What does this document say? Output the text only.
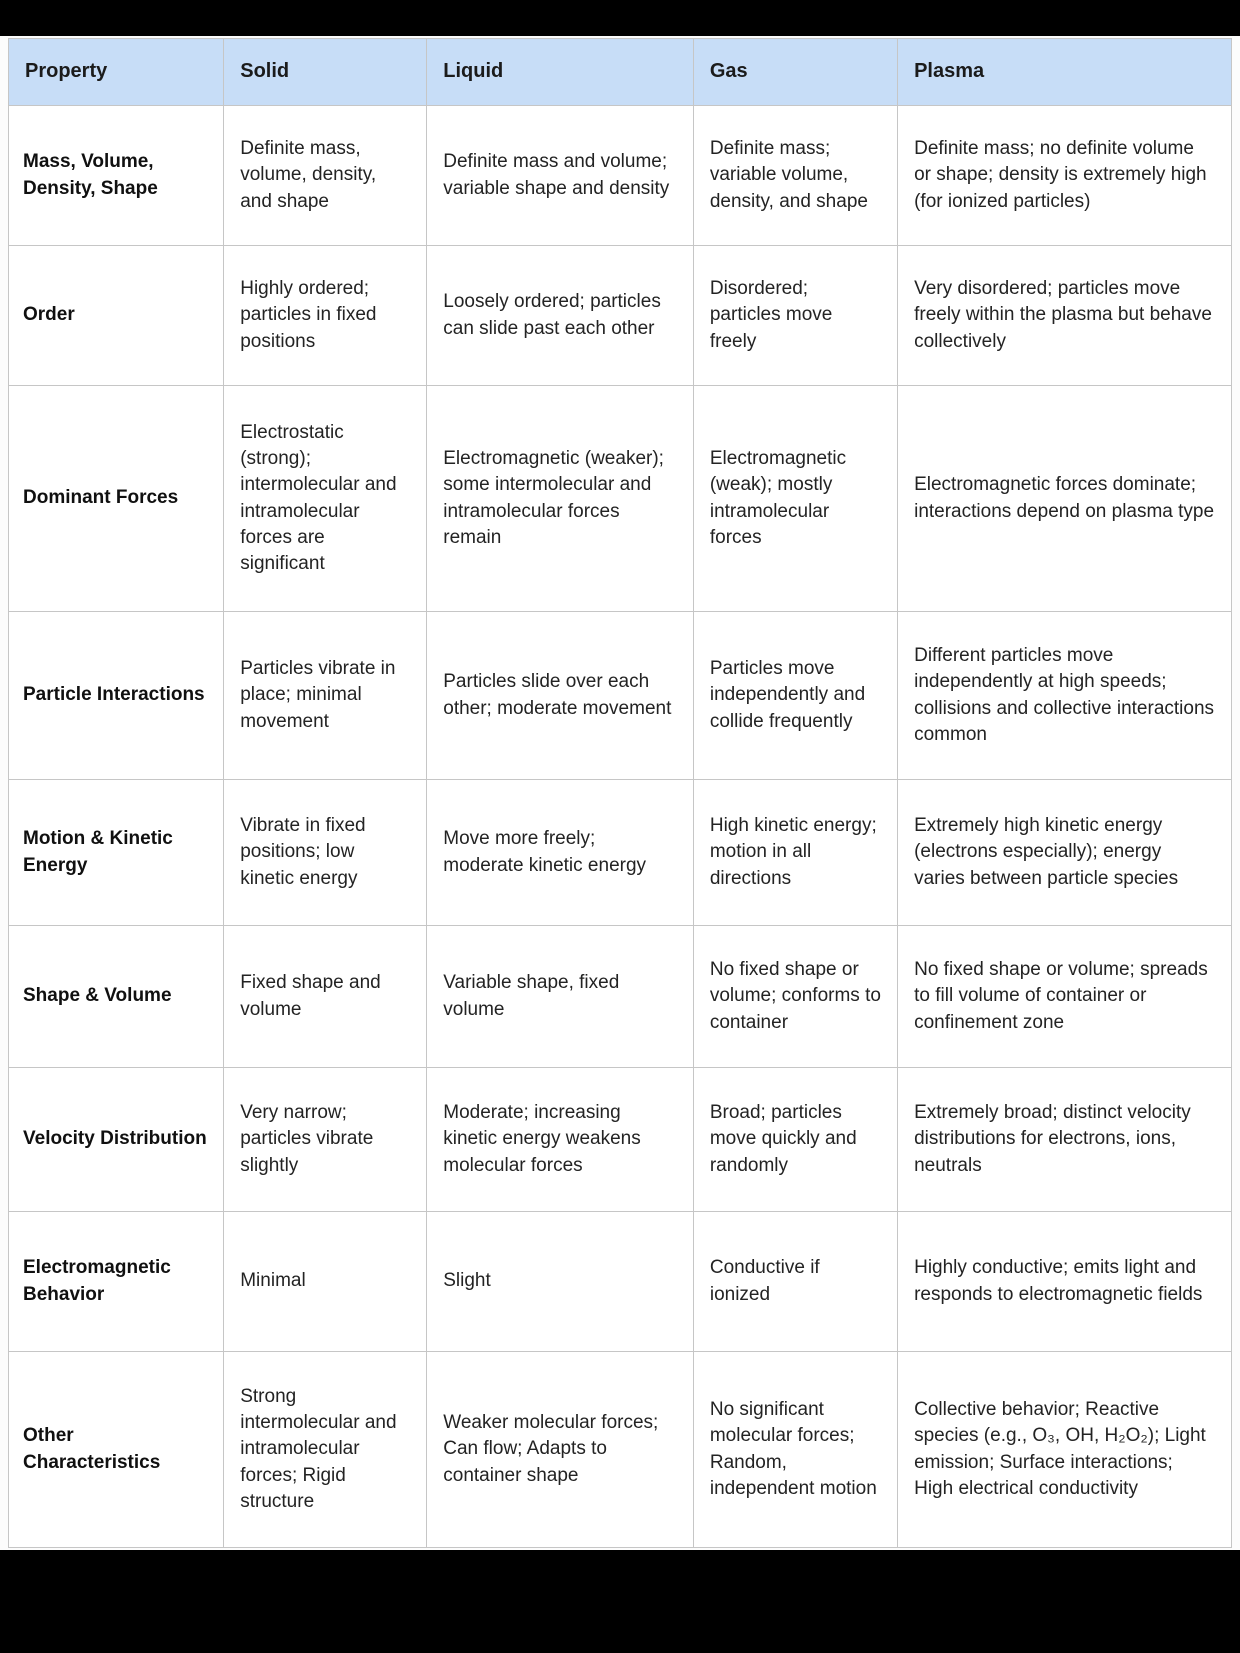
Property	Solid	Liquid	Gas	Plasma
Mass, Volume, Density, Shape	Definite mass, volume, density, and shape	Definite mass and volume; variable shape and density	Definite mass; variable volume, density, and shape	Definite mass; no definite volume or shape; density is extremely high (for ionized particles)
Order	Highly ordered; particles in fixed positions	Loosely ordered; particles can slide past each other	Disordered; particles move freely	Very disordered; particles move freely within the plasma but behave collectively
Dominant Forces	Electrostatic (strong); intermolecular and intramolecular forces are significant	Electromagnetic (weaker); some intermolecular and intramolecular forces remain	Electromagnetic (weak); mostly intramolecular forces	Electromagnetic forces dominate; interactions depend on plasma type
Particle Interactions	Particles vibrate in place; minimal movement	Particles slide over each other; moderate movement	Particles move independently and collide frequently	Different particles move independently at high speeds; collisions and collective interactions common
Motion & Kinetic Energy	Vibrate in fixed positions; low kinetic energy	Move more freely; moderate kinetic energy	High kinetic energy; motion in all directions	Extremely high kinetic energy (electrons especially); energy varies between particle species
Shape & Volume	Fixed shape and volume	Variable shape, fixed volume	No fixed shape or volume; conforms to container	No fixed shape or volume; spreads to fill volume of container or confinement zone
Velocity Distribution	Very narrow; particles vibrate slightly	Moderate; increasing kinetic energy weakens molecular forces	Broad; particles move quickly and randomly	Extremely broad; distinct velocity distributions for electrons, ions, neutrals
Electromagnetic Behavior	Minimal	Slight	Conductive if ionized	Highly conductive; emits light and responds to electromagnetic fields
Other Characteristics	Strong intermolecular and intramolecular forces; Rigid structure	Weaker molecular forces; Can flow; Adapts to container shape	No significant molecular forces; Random, independent motion	Collective behavior; Reactive species (e.g., O₃, OH, H₂O₂); Light emission; Surface interactions; High electrical conductivity
